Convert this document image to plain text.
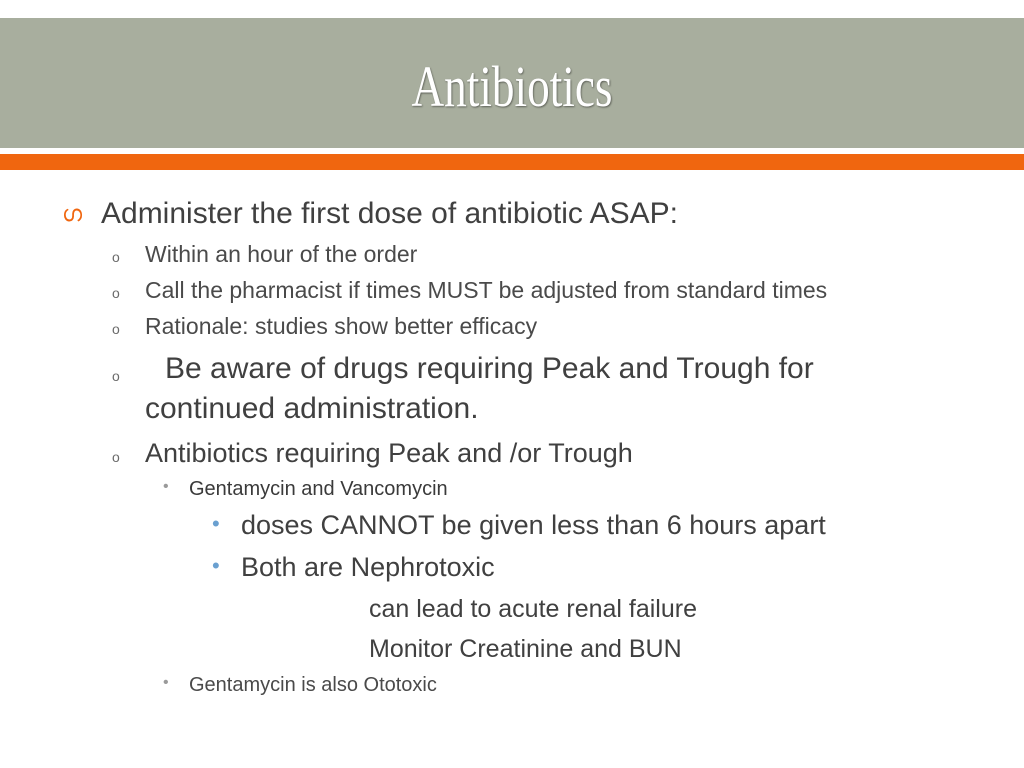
Antibiotics
ഗ Administer the first dose of antibiotic ASAP:
o Within an hour of the order
o Call the pharmacist if times MUST be adjusted from standard times
o Rationale: studies show better efficacy
o Be aware of drugs requiring Peak and Trough for
continued administration.
o Antibiotics requiring Peak and /or Trough
• Gentamycin and Vancomycin
• doses CANNOT be given less than 6 hours apart
• Both are Nephrotoxic
can lead to acute renal failure
Monitor Creatinine and BUN
• Gentamycin is also Ototoxic
